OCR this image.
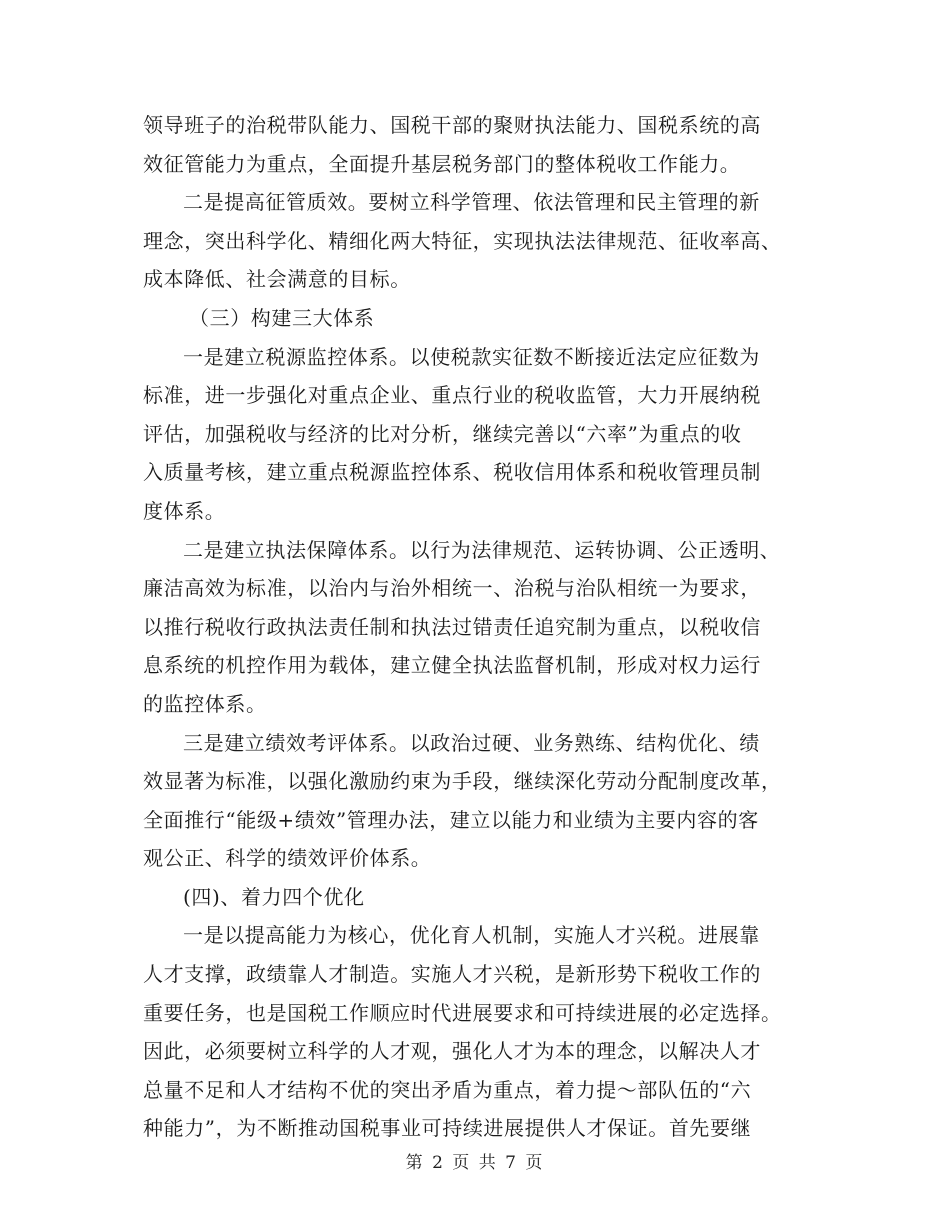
领导班子的治税带队能力、国税干部的聚财执法能力、国税系统的高
效征管能力为重点，全面提升基层税务部门的整体税收工作能力。
二是提高征管质效。要树立科学管理、依法管理和民主管理的新
理念，突出科学化、精细化两大特征，实现执法法律规范、征收率高、
成本降低、社会满意的目标。
（三）构建三大体系
一是建立税源监控体系。以使税款实征数不断接近法定应征数为
标准，进一步强化对重点企业、重点行业的税收监管，大力开展纳税
评估，加强税收与经济的比对分析，继续完善以“六率”为重点的收
入质量考核，建立重点税源监控体系、税收信用体系和税收管理员制
度体系。
二是建立执法保障体系。以行为法律规范、运转协调、公正透明、
廉洁高效为标准，以治内与治外相统一、治税与治队相统一为要求，
以推行税收行政执法责任制和执法过错责任追究制为重点，以税收信
息系统的机控作用为载体，建立健全执法监督机制，形成对权力运行
的监控体系。
三是建立绩效考评体系。以政治过硬、业务熟练、结构优化、绩
效显著为标准，以强化激励约束为手段，继续深化劳动分配制度改革，
全面推行“能级+绩效”管理办法，建立以能力和业绩为主要内容的客
观公正、科学的绩效评价体系。
(四)、着力四个优化
一是以提高能力为核心，优化育人机制，实施人才兴税。进展靠
人才支撑，政绩靠人才制造。实施人才兴税，是新形势下税收工作的
重要任务，也是国税工作顺应时代进展要求和可持续进展的必定选择。
因此，必须要树立科学的人才观，强化人才为本的理念，以解决人才
总量不足和人才结构不优的突出矛盾为重点，着力提～部队伍的“六
种能力”，为不断推动国税事业可持续进展提供人才保证。首先要继
第 2 页 共 7 页
